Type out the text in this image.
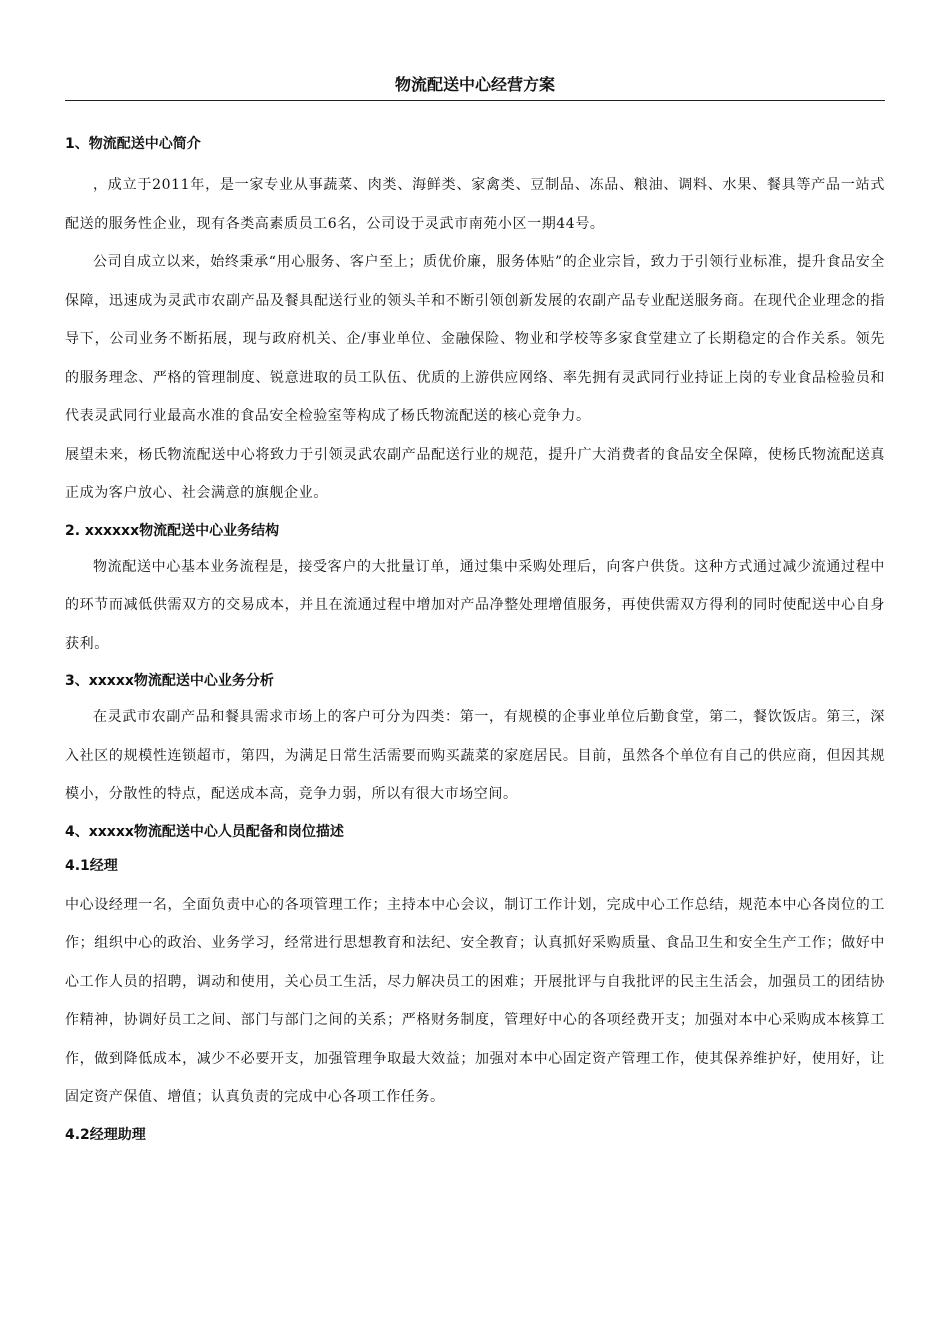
物流配送中心经营方案

1、物流配送中心简介

，成立于2011年，是一家专业从事蔬菜、肉类、海鲜类、家禽类、豆制品、冻品、粮油、调料、水果、餐具等产品一站式配送的服务性企业，现有各类高素质员工6名，公司设于灵武市南苑小区一期44号。

公司自成立以来，始终秉承“用心服务、客户至上；质优价廉，服务体贴”的企业宗旨，致力于引领行业标准，提升食品安全保障，迅速成为灵武市农副产品及餐具配送行业的领头羊和不断引领创新发展的农副产品专业配送服务商。在现代企业理念的指导下，公司业务不断拓展，现与政府机关、企/事业单位、金融保险、物业和学校等多家食堂建立了长期稳定的合作关系。领先的服务理念、严格的管理制度、锐意进取的员工队伍、优质的上游供应网络、率先拥有灵武同行业持证上岗的专业食品检验员和代表灵武同行业最高水准的食品安全检验室等构成了杨氏物流配送的核心竞争力。

展望未来，杨氏物流配送中心将致力于引领灵武农副产品配送行业的规范，提升广大消费者的食品安全保障，使杨氏物流配送真正成为客户放心、社会满意的旗舰企业。

2. xxxxxx物流配送中心业务结构

物流配送中心基本业务流程是，接受客户的大批量订单，通过集中采购处理后，向客户供货。这种方式通过减少流通过程中的环节而减低供需双方的交易成本，并且在流通过程中增加对产品净整处理增值服务，再使供需双方得利的同时使配送中心自身获利。

3、xxxxx物流配送中心业务分析

在灵武市农副产品和餐具需求市场上的客户可分为四类：第一，有规模的企事业单位后勤食堂，第二，餐饮饭店。第三，深入社区的规模性连锁超市，第四，为满足日常生活需要而购买蔬菜的家庭居民。目前，虽然各个单位有自己的供应商，但因其规模小，分散性的特点，配送成本高，竞争力弱，所以有很大市场空间。

4、xxxxx物流配送中心人员配备和岗位描述

4.1经理

中心设经理一名，全面负责中心的各项管理工作；主持本中心会议，制订工作计划，完成中心工作总结，规范本中心各岗位的工作；组织中心的政治、业务学习，经常进行思想教育和法纪、安全教育；认真抓好采购质量、食品卫生和安全生产工作；做好中心工作人员的招聘，调动和使用，关心员工生活，尽力解决员工的困难；开展批评与自我批评的民主生活会，加强员工的团结协作精神，协调好员工之间、部门与部门之间的关系；严格财务制度，管理好中心的各项经费开支；加强对本中心采购成本核算工作，做到降低成本，减少不必要开支，加强管理争取最大效益；加强对本中心固定资产管理工作，使其保养维护好，使用好，让固定资产保值、增值；认真负责的完成中心各项工作任务。

4.2经理助理
